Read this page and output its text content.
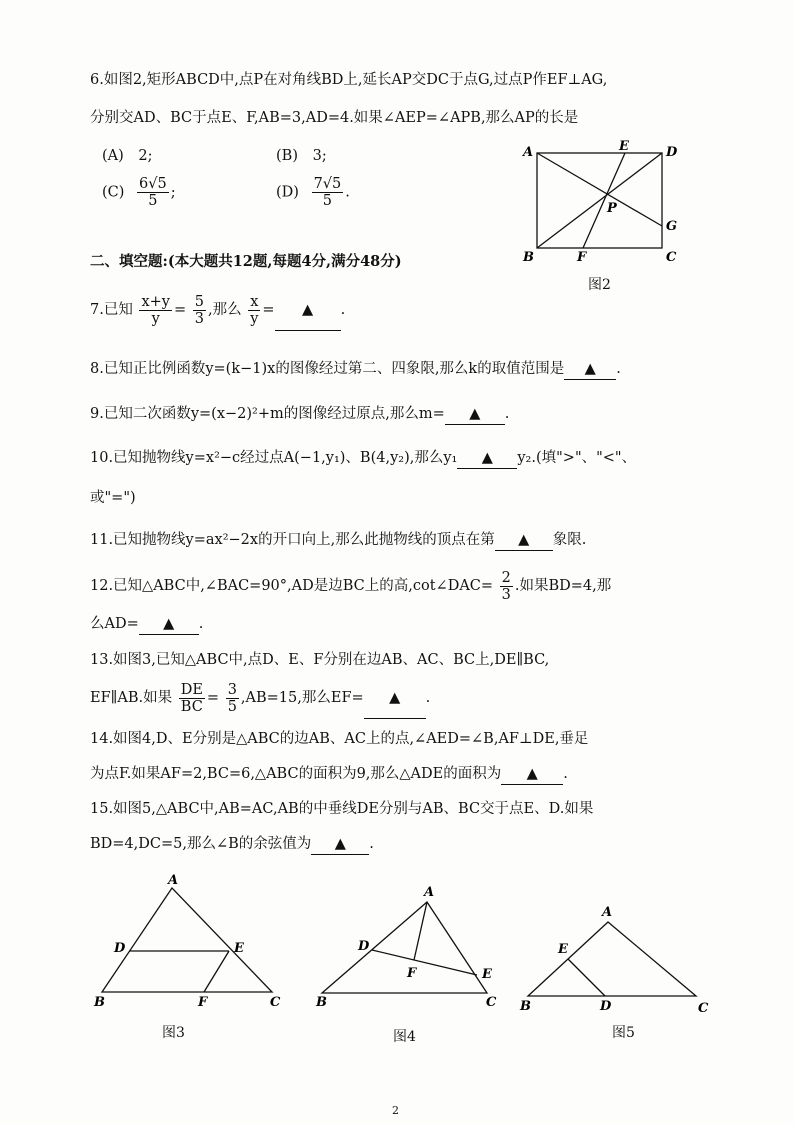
6.如图2,矩形ABCD中,点P在对角线BD上,延长AP交DC于点G,过点P作EF⊥AG,
分别交AD、BC于点E、F,AB=3,AD=4.如果∠AEP=∠APB,那么AP的长是
(A) 2;	(B) 3;
$(C) \frac{6√5}{5}$ ;	$(D) \frac{7√5}{5}$ .
A	E	D
P
G
B	F	C
图2
二、填空题:(本大题共12题,每题4分,满分48分)
7.已知 $\frac{x+y}{y} = \frac{5}{3}$ ,那么 $\frac{x}{y}$ = ▲ .
8.已知正比例函数y=(k−1)x的图像经过第二、四象限,那么k的取值范围是 ▲ .
9.已知二次函数y=(x−2)²+m的图像经过原点,那么m= ▲ .
10.已知抛物线y=x²−c经过点A(−1,y₁)、B(4,y₂),那么y₁ ▲ y₂.(填">"、"<"、
或"=")
11.已知抛物线y=ax²−2x的开口向上,那么此抛物线的顶点在第 ▲ 象限.
12.已知△ABC中,∠BAC=90°,AD是边BC上的高,cot∠DAC= $\frac{2}{3}$ .如果BD=4,那
么AD= ▲ .
13.如图3,已知△ABC中,点D、E、F分别在边AB、AC、BC上,DE∥BC,
EF∥AB.如果 $\frac{DE}{BC} = \frac{3}{5} ,AB=15$,那么EF= ▲ .
14.如图4,D、E分别是△ABC的边AB、AC上的点,∠AED=∠B,AF⊥DE,垂足
为点F.如果AF=2,BC=6,△ABC的面积为9,那么△ADE的面积为 ▲ .
15.如图5,△ABC中,AB=AC,AB的中垂线DE分别与AB、BC交于点E、D.如果
BD=4,DC=5,那么∠B的余弦值为 ▲ .
A
D	E
B	F	C
图3
A
D
F	E
B	C
图4
A
E
B	D	C
图5
2
